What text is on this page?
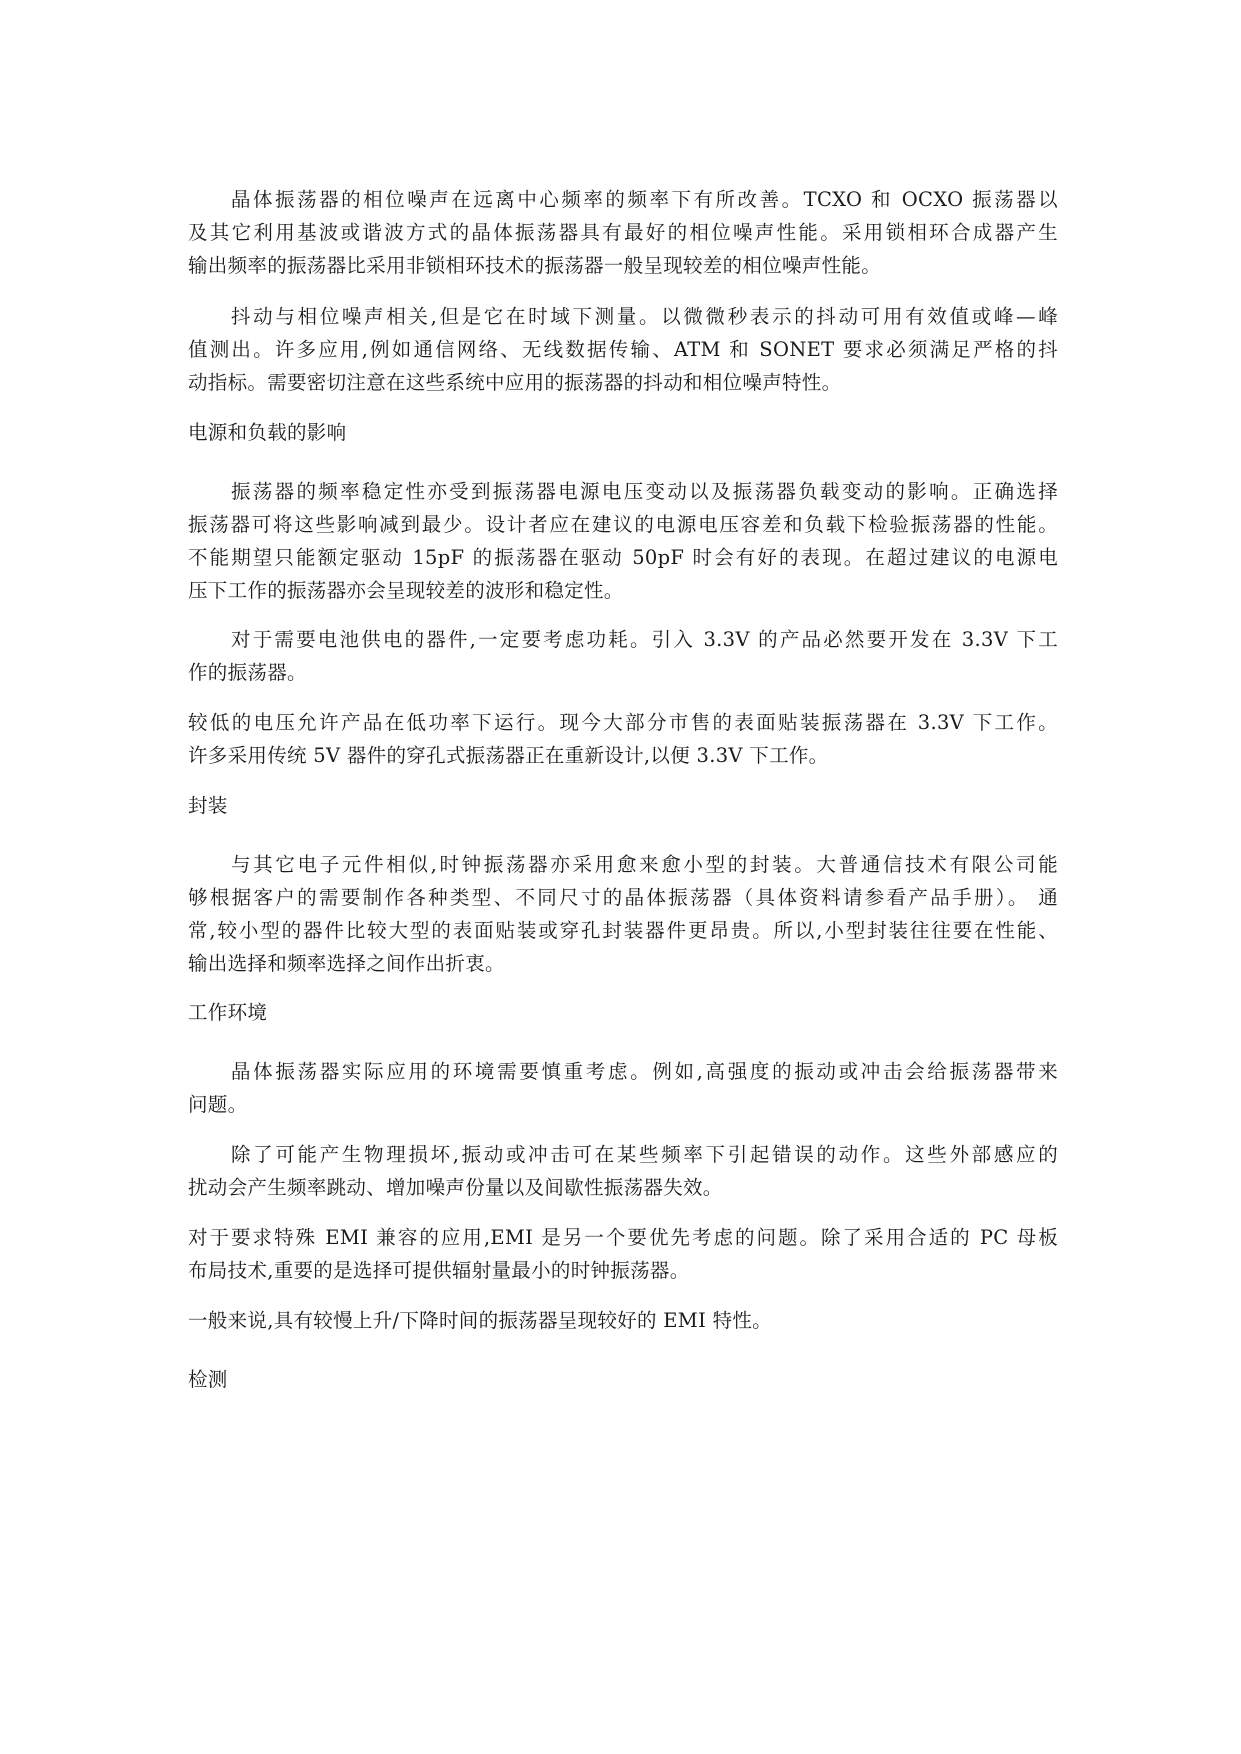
晶体振荡器的相位噪声在远离中心频率的频率下有所改善。TCXO 和 OCXO 振荡器以
及其它利用基波或谐波方式的晶体振荡器具有最好的相位噪声性能。采用锁相环合成器产生
输出频率的振荡器比采用非锁相环技术的振荡器一般呈现较差的相位噪声性能。
抖动与相位噪声相关,但是它在时域下测量。以微微秒表示的抖动可用有效值或峰—峰
值测出。许多应用,例如通信网络、无线数据传输、ATM 和 SONET 要求必须满足严格的抖
动指标。需要密切注意在这些系统中应用的振荡器的抖动和相位噪声特性。
电源和负载的影响
振荡器的频率稳定性亦受到振荡器电源电压变动以及振荡器负载变动的影响。正确选择
振荡器可将这些影响减到最少。设计者应在建议的电源电压容差和负载下检验振荡器的性能。
不能期望只能额定驱动 15pF 的振荡器在驱动 50pF 时会有好的表现。在超过建议的电源电
压下工作的振荡器亦会呈现较差的波形和稳定性。
对于需要电池供电的器件,一定要考虑功耗。引入 3.3V 的产品必然要开发在 3.3V 下工
作的振荡器。
较低的电压允许产品在低功率下运行。现今大部分市售的表面贴装振荡器在 3.3V 下工作。
许多采用传统 5V 器件的穿孔式振荡器正在重新设计,以便 3.3V 下工作。
封装
与其它电子元件相似,时钟振荡器亦采用愈来愈小型的封装。大普通信技术有限公司能
够根据客户的需要制作各种类型、不同尺寸的晶体振荡器（具体资料请参看产品手册）。 通
常,较小型的器件比较大型的表面贴装或穿孔封装器件更昂贵。所以,小型封装往往要在性能、
输出选择和频率选择之间作出折衷。
工作环境
晶体振荡器实际应用的环境需要慎重考虑。例如,高强度的振动或冲击会给振荡器带来
问题。
除了可能产生物理损坏,振动或冲击可在某些频率下引起错误的动作。这些外部感应的
扰动会产生频率跳动、增加噪声份量以及间歇性振荡器失效。
对于要求特殊 EMI 兼容的应用,EMI 是另一个要优先考虑的问题。除了采用合适的 PC 母板
布局技术,重要的是选择可提供辐射量最小的时钟振荡器。
一般来说,具有较慢上升/下降时间的振荡器呈现较好的 EMI 特性。
检测
